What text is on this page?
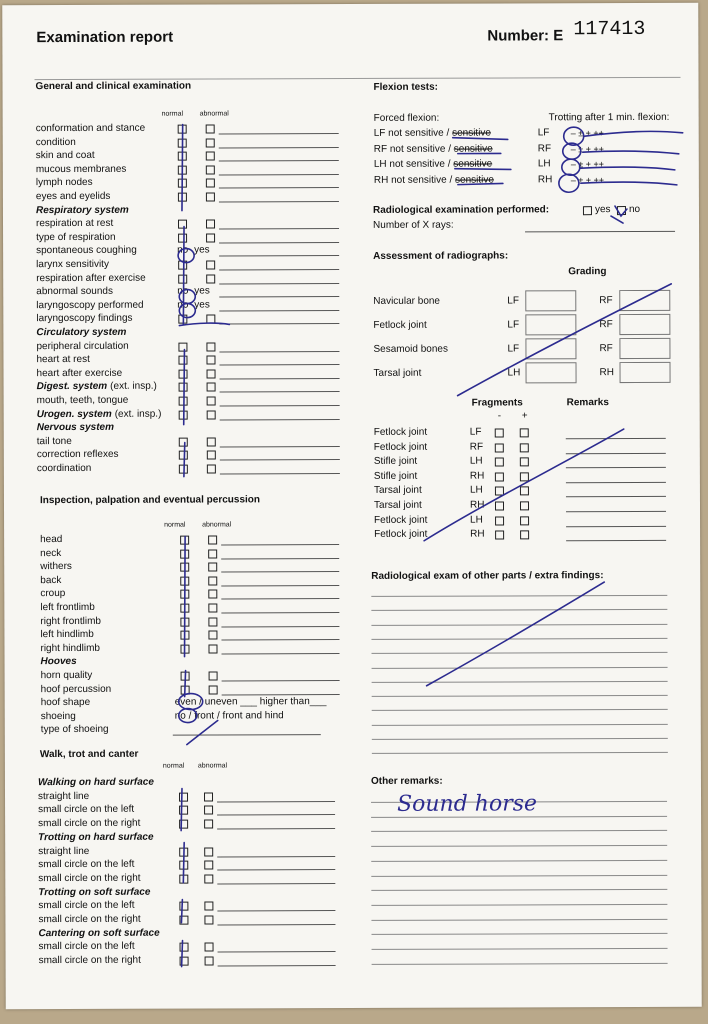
Examination report	Number: E 117413
General and clinical examination
normal abnormal
conformation and stance
condition
skin and coat
mucous membranes
lymph nodes
eyes and eyelids
Respiratory system
respiration at rest
type of respiration
spontaneous coughing	no yes
larynx sensitivity
respiration after exercise
abnormal sounds	no yes
laryngoscopy performed	no yes
laryngoscopy findings
Circulatory system
peripheral circulation
heart at rest
heart after exercise
Digest. system (ext. insp.)
mouth, teeth, tongue
Urogen. system (ext. insp.)
Nervous system
tail tone
correction reflexes
coordination
Inspection, palpation and eventual percussion
normal abnormal
head
neck
withers
back
croup
left frontlimb
right frontlimb
left hindlimb
right hindlimb
Hooves
horn quality
hoof percussion
hoof shape	even / uneven ___ higher than___
shoeing	no / front / front and hind
type of shoeing
Walk, trot and canter
normal abnormal
Walking on hard surface
straight line
small circle on the left
small circle on the right
Trotting on hard surface
straight line
small circle on the left
small circle on the right
Trotting on soft surface
small circle on the left
small circle on the right
Cantering on soft surface
small circle on the left
small circle on the right
Flexion tests:
Forced flexion:	Trotting after 1 min. flexion:
LF not sensitive / sensitive	LF – ± + ++
RF not sensitive / sensitive	RF – ± + ++
LH not sensitive / sensitive	LH – ± + ++
RH not sensitive / sensitive	RH – ± + ++
Radiological examination performed:	yes no
Number of X rays:
Assessment of radiographs:
Grading
Navicular bone	LF	RF
Fetlock joint	LF	RF
Sesamoid bones	LF	RF
Tarsal joint	LH	RH
Fragments	Remarks
- +
Fetlock joint	LF
Fetlock joint	RF
Stifle joint	LH
Stifle joint	RH
Tarsal joint	LH
Tarsal joint	RH
Fetlock joint	LH
Fetlock joint	RH
Radiological exam of other parts / extra findings:
Other remarks:
Sound horse
